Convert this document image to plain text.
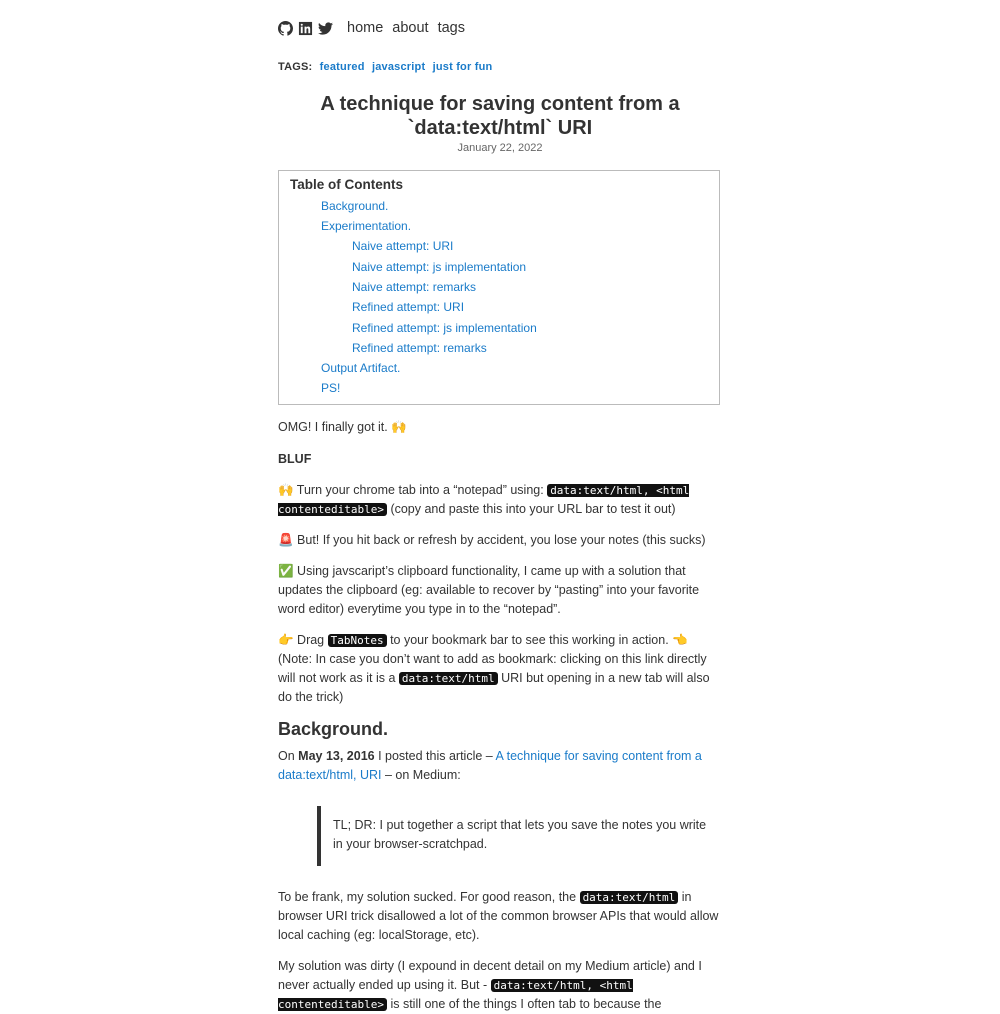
home about tags
TAGS: featured javascript just for fun
A technique for saving content from a `data:text/html` URI
January 22, 2022
Table of Contents
Background.
Experimentation.
Naive attempt: URI
Naive attempt: js implementation
Naive attempt: remarks
Refined attempt: URI
Refined attempt: js implementation
Refined attempt: remarks
Output Artifact.
PS!

OMG! I finally got it. 🙌

BLUF

🙌 Turn your chrome tab into a “notepad” using: data:text/html, <html contenteditable> (copy and paste this into your URL bar to test it out)

🚨 But! If you hit back or refresh by accident, you lose your notes (this sucks)

✅ Using javscaript’s clipboard functionality, I came up with a solution that updates the clipboard (eg: available to recover by “pasting” into your favorite word editor) everytime you type in to the “notepad”.

👉 Drag TabNotes to your bookmark bar to see this working in action. 👈 (Note: In case you don’t want to add as bookmark: clicking on this link directly will not work as it is a data:text/html URI but opening in a new tab will also do the trick)

Background.

On May 13, 2016 I posted this article – A technique for saving content from a data:text/html, URI – on Medium:

TL; DR: I put together a script that lets you save the notes you write in your browser-scratchpad.

To be frank, my solution sucked. For good reason, the data:text/html in browser URI trick disallowed a lot of the common browser APIs that would allow local caching (eg: localStorage, etc).

My solution was dirty (I expound in decent detail on my Medium article) and I never actually ended up using it. But - data:text/html, <html contenteditable> is still one of the things I often tab to because the
